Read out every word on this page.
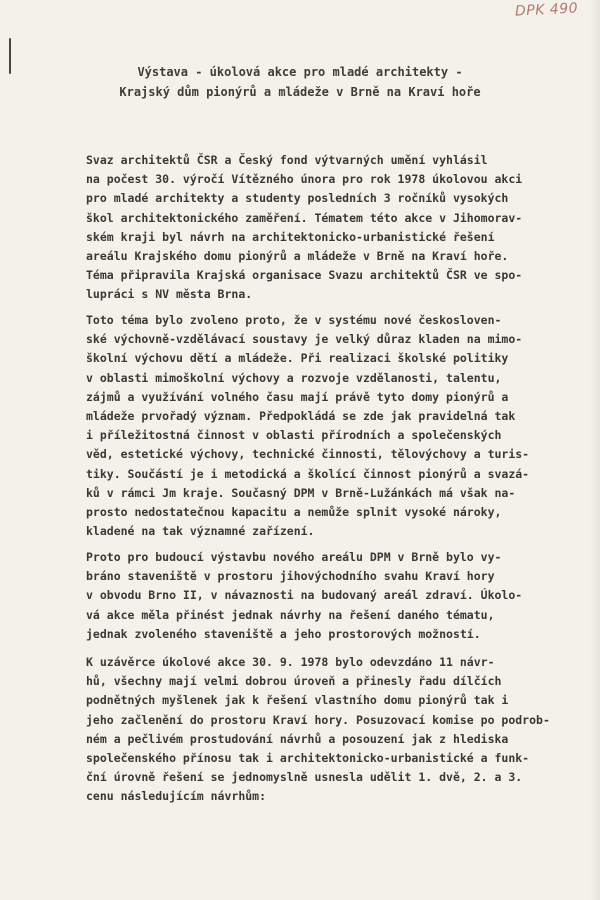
DPK 490
Výstava - úkolová akce pro mladé architekty -
Krajský dům pionýrů a mládeže v Brně na Kraví hoře
Svaz architektů ČSR a Český fond výtvarných umění vyhlásil
na počest 30. výročí Vítězného února pro rok 1978 úkolovou akci
pro mladé architekty a studenty posledních 3 ročníků vysokých
škol architektonického zaměření. Tématem této akce v Jihomorav-
ském kraji byl návrh na architektonicko-urbanistické řešení
areálu Krajského domu pionýrů a mládeže v Brně na Kraví hoře.
Téma připravila Krajská organisace Svazu architektů ČSR ve spo-
lupráci s NV města Brna.
Toto téma bylo zvoleno proto, že v systému nové českosloven-
ské výchovně-vzdělávací soustavy je velký důraz kladen na mimo-
školní výchovu dětí a mládeže. Při realizaci školské politiky
v oblasti mimoškolní výchovy a rozvoje vzdělanosti, talentu,
zájmů a využívání volného času mají právě tyto domy pionýrů a
mládeže prvořadý význam. Předpokládá se zde jak pravidelná tak
i příležitostná činnost v oblasti přírodních a společenských
věd, estetické výchovy, technické činnosti, tělovýchovy a turis-
tiky. Součástí je i metodická a školící činnost pionýrů a svazá-
ků v rámci Jm kraje. Současný DPM v Brně-Lužánkách má však na-
prosto nedostatečnou kapacitu a nemůže splnit vysoké nároky,
kladené na tak významné zařízení.
Proto pro budoucí výstavbu nového areálu DPM v Brně bylo vy-
bráno staveniště v prostoru jihovýchodního svahu Kraví hory
v obvodu Brno II, v návaznosti na budovaný areál zdraví. Úkolo-
vá akce měla přinést jednak návrhy na řešení daného tématu,
jednak zvoleného staveniště a jeho prostorových možností.
K uzávěrce úkolové akce 30. 9. 1978 bylo odevzdáno 11 návr-
hů, všechny mají velmi dobrou úroveň a přinesly řadu dílčích
podnětných myšlenek jak k řešení vlastního domu pionýrů tak i
jeho začlenění do prostoru Kraví hory. Posuzovací komise po podrob-
ném a pečlivém prostudování návrhů a posouzení jak z hlediska
společenského přínosu tak i architektonicko-urbanistické a funk-
ční úrovně řešení se jednomyslně usnesla udělit 1. dvě, 2. a 3.
cenu následujícím návrhům:
